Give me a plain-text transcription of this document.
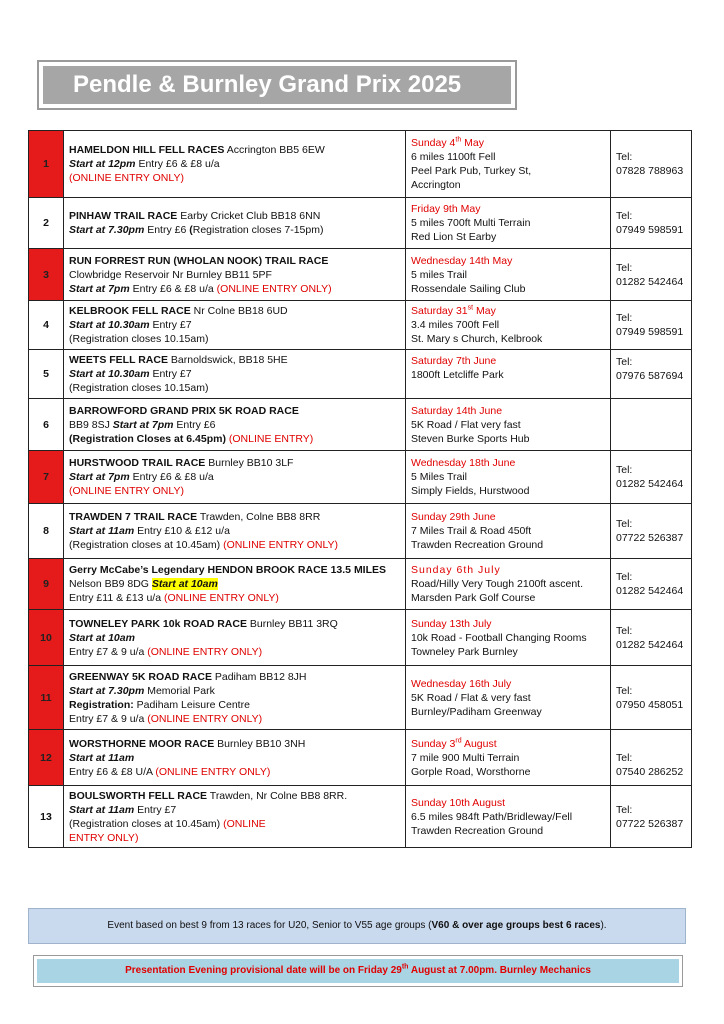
Pendle & Burnley Grand Prix 2025
1	HAMELDON HILL FELL RACES Accrington BB5 6EW
Start at 12pm Entry £6 & £8 u/a
(ONLINE ENTRY ONLY)	Sunday 4th May
6 miles 1100ft Fell
Peel Park Pub, Turkey St,
Accrington	Tel:
07828 788963

2	PINHAW TRAIL RACE Earby Cricket Club BB18 6NN
Start at 7.30pm Entry £6 (Registration closes 7-15pm)	Friday 9th May
5 miles 700ft Multi Terrain
Red Lion St Earby	Tel:
07949 598591

3	RUN FORREST RUN (WHOLAN NOOK) TRAIL RACE
Clowbridge Reservoir Nr Burnley BB11 5PF
Start at 7pm Entry £6 & £8 u/a (ONLINE ENTRY ONLY)	Wednesday 14th May
5 miles Trail
Rossendale Sailing Club	Tel:
01282 542464

4	KELBROOK FELL RACE Nr Colne BB18 6UD
Start at 10.30am Entry £7
(Registration closes 10.15am)	Saturday 31st May
3.4 miles 700ft Fell
St. Mary s Church, Kelbrook	Tel:
07949 598591

5	WEETS FELL RACE Barnoldswick, BB18 5HE
Start at 10.30am Entry £7
(Registration closes 10.15am)	Saturday 7th June
1800ft Letcliffe Park	Tel:
07976 587694

6	BARROWFORD GRAND PRIX 5K ROAD RACE
BB9 8SJ Start at 7pm Entry £6
(Registration Closes at 6.45pm) (ONLINE ENTRY)	Saturday 14th June
5K Road / Flat very fast
Steven Burke Sports Hub	

7	HURSTWOOD TRAIL RACE Burnley BB10 3LF
Start at 7pm Entry £6 & £8 u/a
(ONLINE ENTRY ONLY)	Wednesday 18th June
5 Miles Trail
Simply Fields, Hurstwood	Tel:
01282 542464

8	TRAWDEN 7 TRAIL RACE Trawden, Colne BB8 8RR
Start at 11am Entry £10 & £12 u/a
(Registration closes at 10.45am) (ONLINE ENTRY ONLY)	Sunday 29th June
7 Miles Trail & Road 450ft
Trawden Recreation Ground	Tel:
07722 526387

9	Gerry McCabe’s Legendary HENDON BROOK RACE 13.5 MILES
Nelson BB9 8DG Start at 10am
Entry £11 & £13 u/a (ONLINE ENTRY ONLY)	Sunday 6th July
Road/Hilly Very Tough 2100ft ascent.
Marsden Park Golf Course	Tel:
01282 542464

10	TOWNELEY PARK 10k ROAD RACE Burnley BB11 3RQ
Start at 10am
Entry £7 & 9 u/a (ONLINE ENTRY ONLY)	Sunday 13th July
10k Road - Football Changing Rooms
Towneley Park Burnley	Tel:
01282 542464

11	GREENWAY 5K ROAD RACE Padiham BB12 8JH
Start at 7.30pm Memorial Park
Registration: Padiham Leisure Centre
Entry £7 & 9 u/a (ONLINE ENTRY ONLY)	Wednesday 16th July
5K Road / Flat & very fast
Burnley/Padiham Greenway	Tel:
07950 458051

12	WORSTHORNE MOOR RACE Burnley BB10 3NH
Start at 11am
Entry £6 & £8 U/A (ONLINE ENTRY ONLY)	Sunday 3rd August
7 mile 900 Multi Terrain
Gorple Road, Worsthorne	Tel:
07540 286252

13	BOULSWORTH FELL RACE Trawden, Nr Colne BB8 8RR.
Start at 11am Entry £7
(Registration closes at 10.45am) (ONLINE
ENTRY ONLY)	Sunday 10th August
6.5 miles 984ft Path/Bridleway/Fell
Trawden Recreation Ground	Tel:
07722 526387
Event based on best 9 from 13 races for U20, Senior to V55 age groups (V60 & over age groups best 6 races).
Presentation Evening provisional date will be on Friday 29th August at 7.00pm. Burnley Mechanics
